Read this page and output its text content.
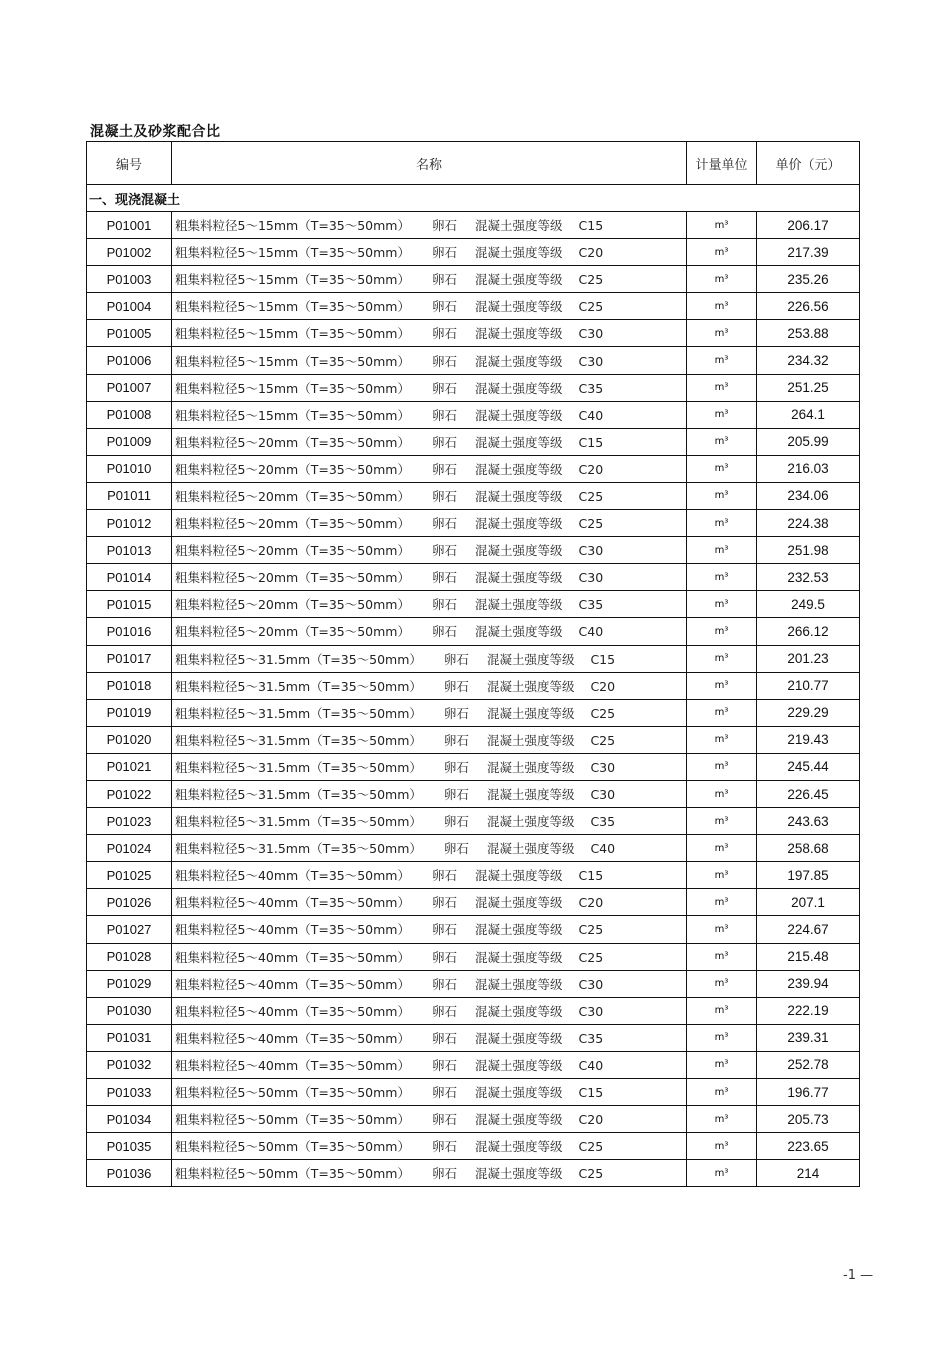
混凝土及砂浆配合比
编号	名称	计量单位	单价（元）
一、现浇混凝土			
P01001	粗集料粒径5～15mm（T=35～50mm） 卵石 混凝土强度等级 C15	m³	206.17
P01002	粗集料粒径5～15mm（T=35～50mm） 卵石 混凝土强度等级 C20	m³	217.39
P01003	粗集料粒径5～15mm（T=35～50mm） 卵石 混凝土强度等级 C25	m³	235.26
P01004	粗集料粒径5～15mm（T=35～50mm） 卵石 混凝土强度等级 C25	m³	226.56
P01005	粗集料粒径5～15mm（T=35～50mm） 卵石 混凝土强度等级 C30	m³	253.88
P01006	粗集料粒径5～15mm（T=35～50mm） 卵石 混凝土强度等级 C30	m³	234.32
P01007	粗集料粒径5～15mm（T=35～50mm） 卵石 混凝土强度等级 C35	m³	251.25
P01008	粗集料粒径5～15mm（T=35～50mm） 卵石 混凝土强度等级 C40	m³	264.1
P01009	粗集料粒径5～20mm（T=35～50mm） 卵石 混凝土强度等级 C15	m³	205.99
P01010	粗集料粒径5～20mm（T=35～50mm） 卵石 混凝土强度等级 C20	m³	216.03
P01011	粗集料粒径5～20mm（T=35～50mm） 卵石 混凝土强度等级 C25	m³	234.06
P01012	粗集料粒径5～20mm（T=35～50mm） 卵石 混凝土强度等级 C25	m³	224.38
P01013	粗集料粒径5～20mm（T=35～50mm） 卵石 混凝土强度等级 C30	m³	251.98
P01014	粗集料粒径5～20mm（T=35～50mm） 卵石 混凝土强度等级 C30	m³	232.53
P01015	粗集料粒径5～20mm（T=35～50mm） 卵石 混凝土强度等级 C35	m³	249.5
P01016	粗集料粒径5～20mm（T=35～50mm） 卵石 混凝土强度等级 C40	m³	266.12
P01017	粗集料粒径5～31.5mm（T=35～50mm） 卵石 混凝土强度等级 C15	m³	201.23
P01018	粗集料粒径5～31.5mm（T=35～50mm） 卵石 混凝土强度等级 C20	m³	210.77
P01019	粗集料粒径5～31.5mm（T=35～50mm） 卵石 混凝土强度等级 C25	m³	229.29
P01020	粗集料粒径5～31.5mm（T=35～50mm） 卵石 混凝土强度等级 C25	m³	219.43
P01021	粗集料粒径5～31.5mm（T=35～50mm） 卵石 混凝土强度等级 C30	m³	245.44
P01022	粗集料粒径5～31.5mm（T=35～50mm） 卵石 混凝土强度等级 C30	m³	226.45
P01023	粗集料粒径5～31.5mm（T=35～50mm） 卵石 混凝土强度等级 C35	m³	243.63
P01024	粗集料粒径5～31.5mm（T=35～50mm） 卵石 混凝土强度等级 C40	m³	258.68
P01025	粗集料粒径5～40mm（T=35～50mm） 卵石 混凝土强度等级 C15	m³	197.85
P01026	粗集料粒径5～40mm（T=35～50mm） 卵石 混凝土强度等级 C20	m³	207.1
P01027	粗集料粒径5～40mm（T=35～50mm） 卵石 混凝土强度等级 C25	m³	224.67
P01028	粗集料粒径5～40mm（T=35～50mm） 卵石 混凝土强度等级 C25	m³	215.48
P01029	粗集料粒径5～40mm（T=35～50mm） 卵石 混凝土强度等级 C30	m³	239.94
P01030	粗集料粒径5～40mm（T=35～50mm） 卵石 混凝土强度等级 C30	m³	222.19
P01031	粗集料粒径5～40mm（T=35～50mm） 卵石 混凝土强度等级 C35	m³	239.31
P01032	粗集料粒径5～40mm（T=35～50mm） 卵石 混凝土强度等级 C40	m³	252.78
P01033	粗集料粒径5～50mm（T=35～50mm） 卵石 混凝土强度等级 C15	m³	196.77
P01034	粗集料粒径5～50mm（T=35～50mm） 卵石 混凝土强度等级 C20	m³	205.73
P01035	粗集料粒径5～50mm（T=35～50mm） 卵石 混凝土强度等级 C25	m³	223.65
P01036	粗集料粒径5～50mm（T=35～50mm） 卵石 混凝土强度等级 C25	m³	214
-1 —
